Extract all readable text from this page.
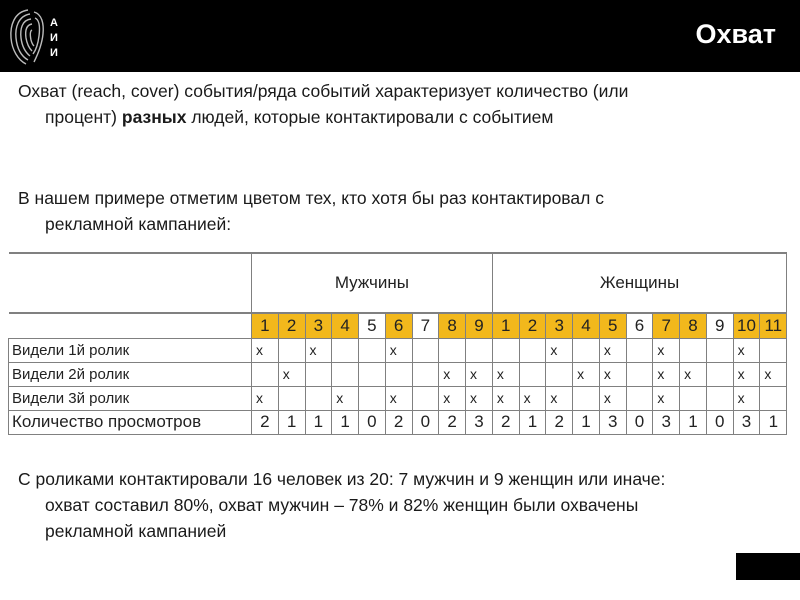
А
И
И
Охват
Охват (reach, cover) события/ряда событий характеризует количество (или
процент) разных людей, которые контактировали с событием
В нашем примере отметим цветом тех, кто хотя бы раз контактировал с
рекламной кампанией:
	Мужчины									Женщины										
	1	2	3	4	5	6	7	8	9	1	2	3	4	5	6	7	8	9	10	11
Видели 1й ролик	x		x			x						x		x		x			x	
Видели 2й ролик		x						x	x	x			x	x		x	x		x	x
Видели 3й ролик	x			x		x		x	x	x	x	x		x		x			x	
Количество просмотров	2	1	1	1	0	2	0	2	3	2	1	2	1	3	0	3	1	0	3	1
С роликами контактировали 16 человек из 20: 7 мужчин и 9 женщин или иначе:
охват составил 80%, охват мужчин – 78% и 82% женщин были охвачены
рекламной кампанией
